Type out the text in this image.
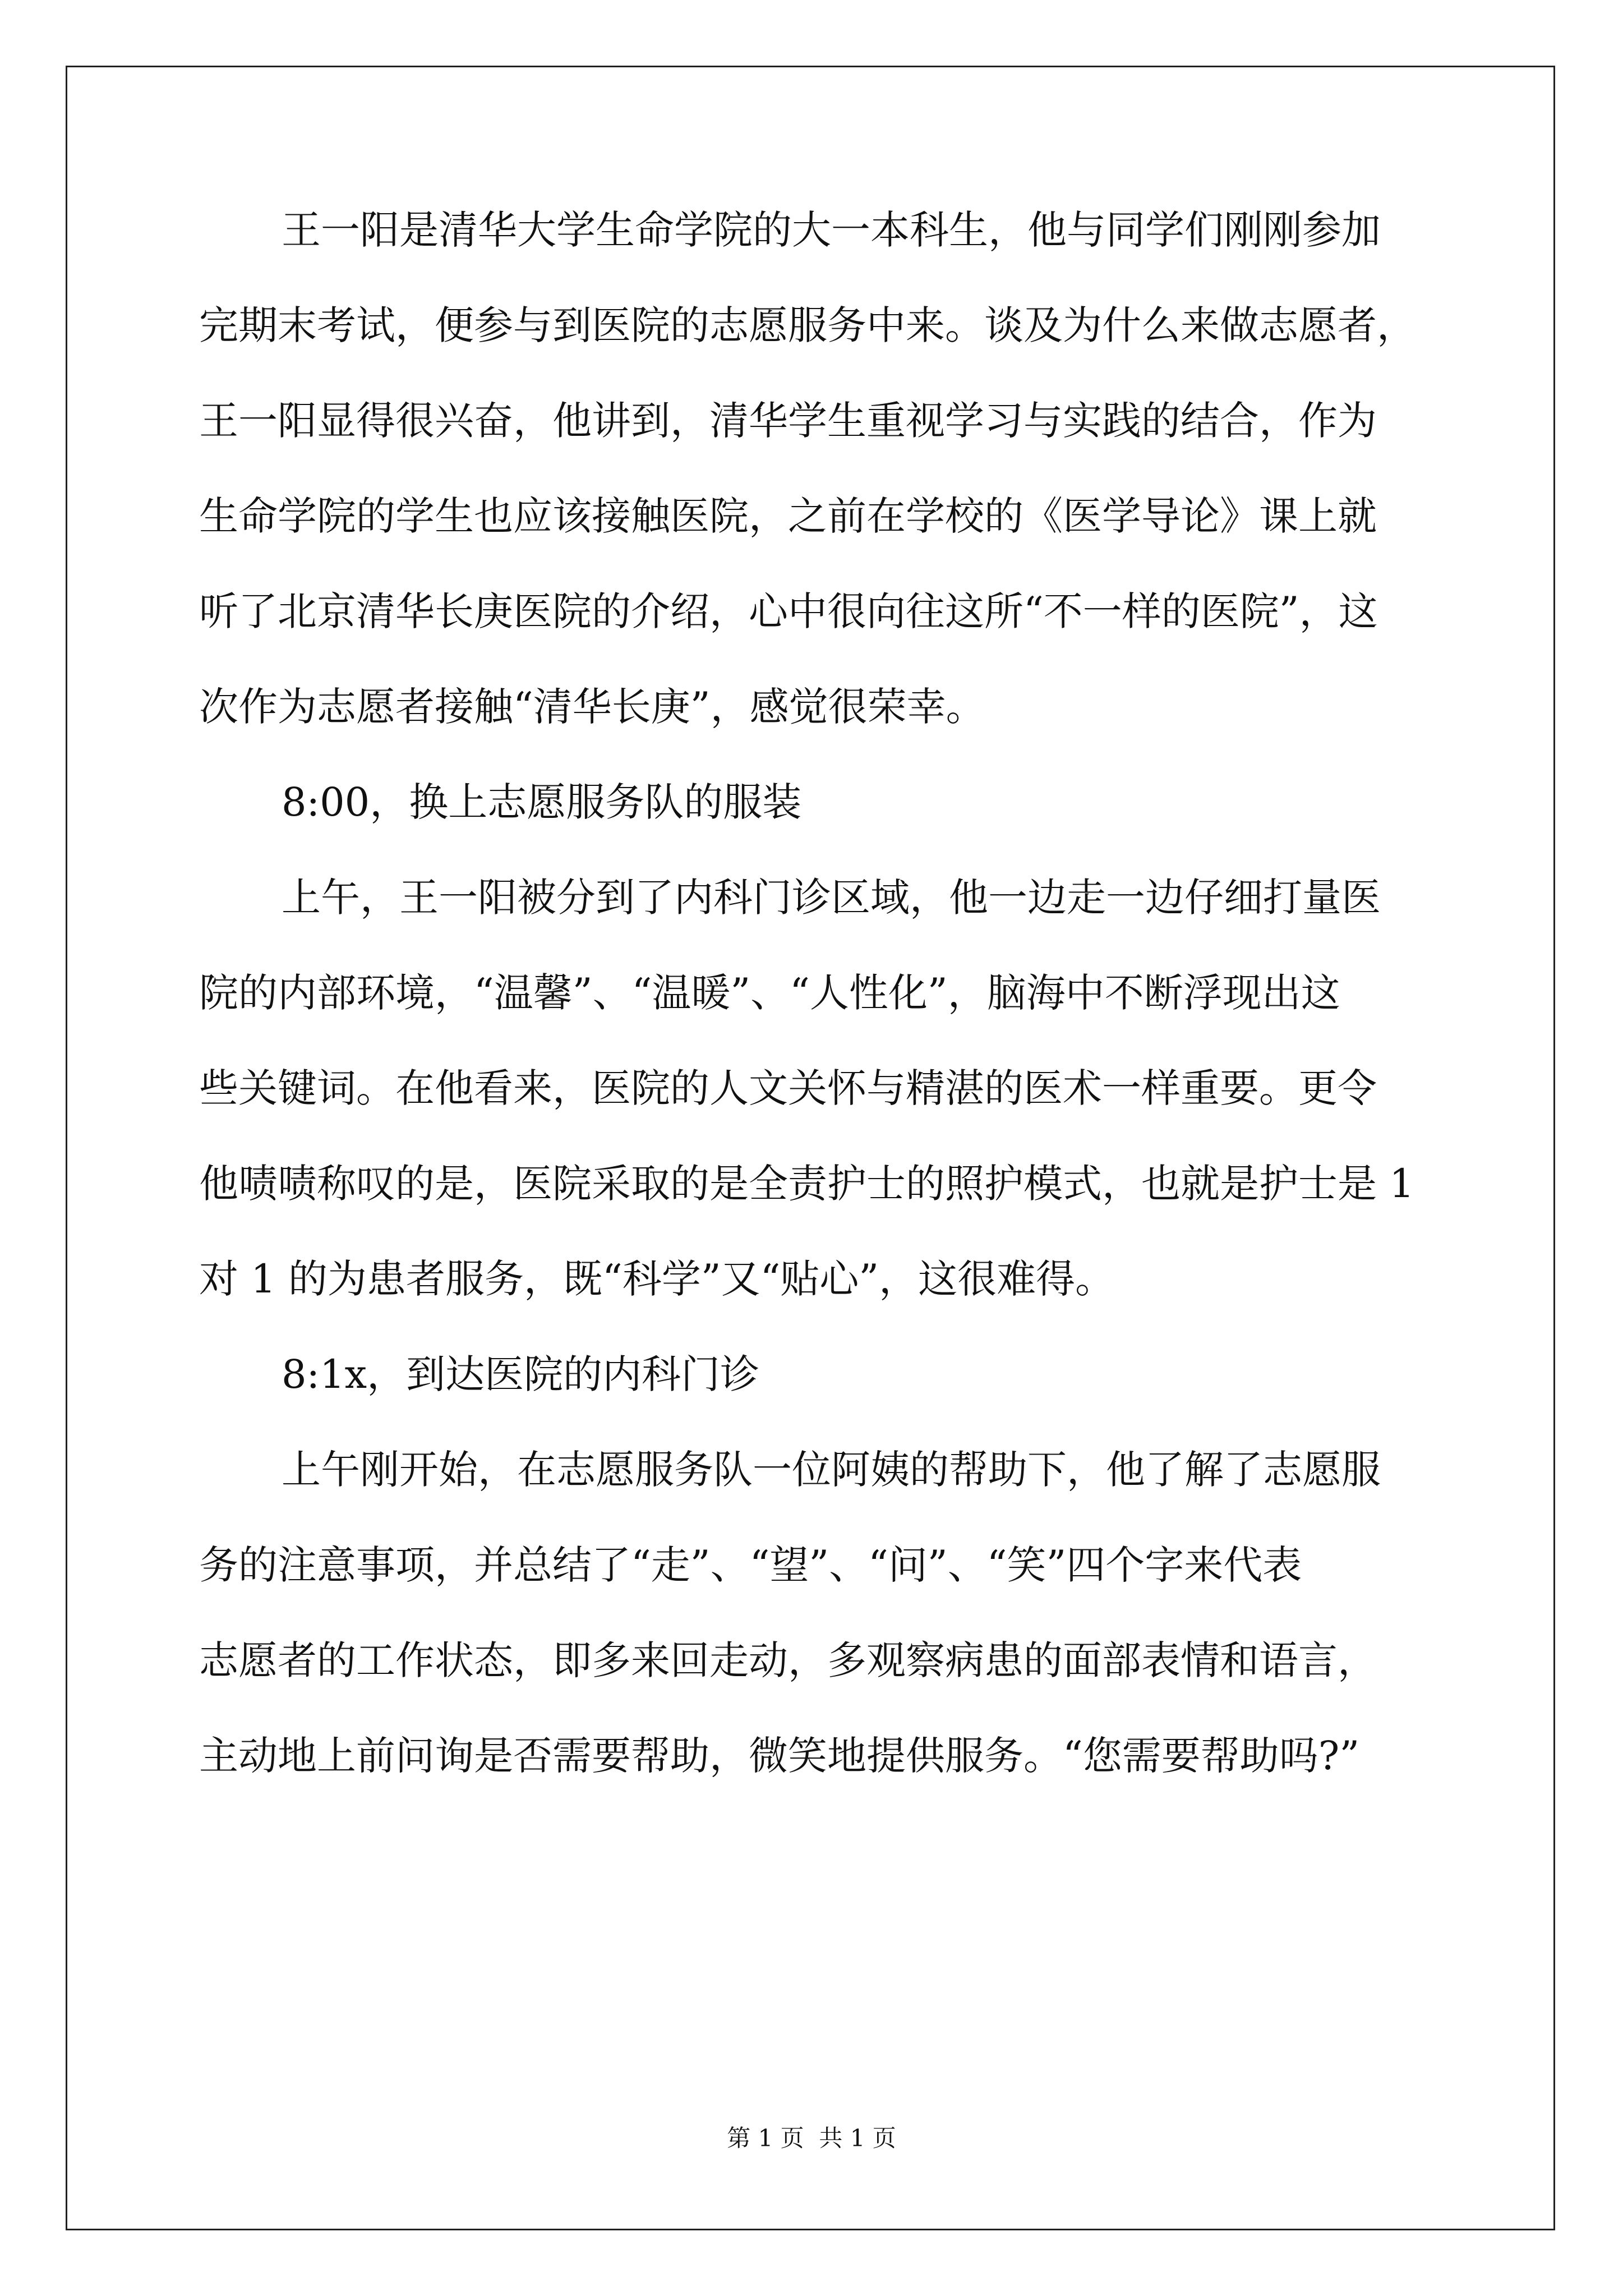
王一阳是清华大学生命学院的大一本科生，他与同学们刚刚参加
完期末考试，便参与到医院的志愿服务中来。谈及为什么来做志愿者，
王一阳显得很兴奋，他讲到，清华学生重视学习与实践的结合，作为
生命学院的学生也应该接触医院，之前在学校的《医学导论》课上就
听了北京清华长庚医院的介绍，心中很向往这所“不一样的医院”，这
次作为志愿者接触“清华长庚”，感觉很荣幸。
8:00，换上志愿服务队的服装
上午，王一阳被分到了内科门诊区域，他一边走一边仔细打量医
院的内部环境，“温馨”、“温暖”、“人性化”，脑海中不断浮现出这
些关键词。在他看来，医院的人文关怀与精湛的医术一样重要。更令
他啧啧称叹的是，医院采取的是全责护士的照护模式，也就是护士是 1
对 1 的为患者服务，既“科学”又“贴心”，这很难得。
8:1x，到达医院的内科门诊
上午刚开始，在志愿服务队一位阿姨的帮助下，他了解了志愿服
务的注意事项，并总结了“走”、“望”、“问”、“笑”四个字来代表
志愿者的工作状态，即多来回走动，多观察病患的面部表情和语言，
主动地上前问询是否需要帮助，微笑地提供服务。“您需要帮助吗?”
第 1 页  共 1 页
